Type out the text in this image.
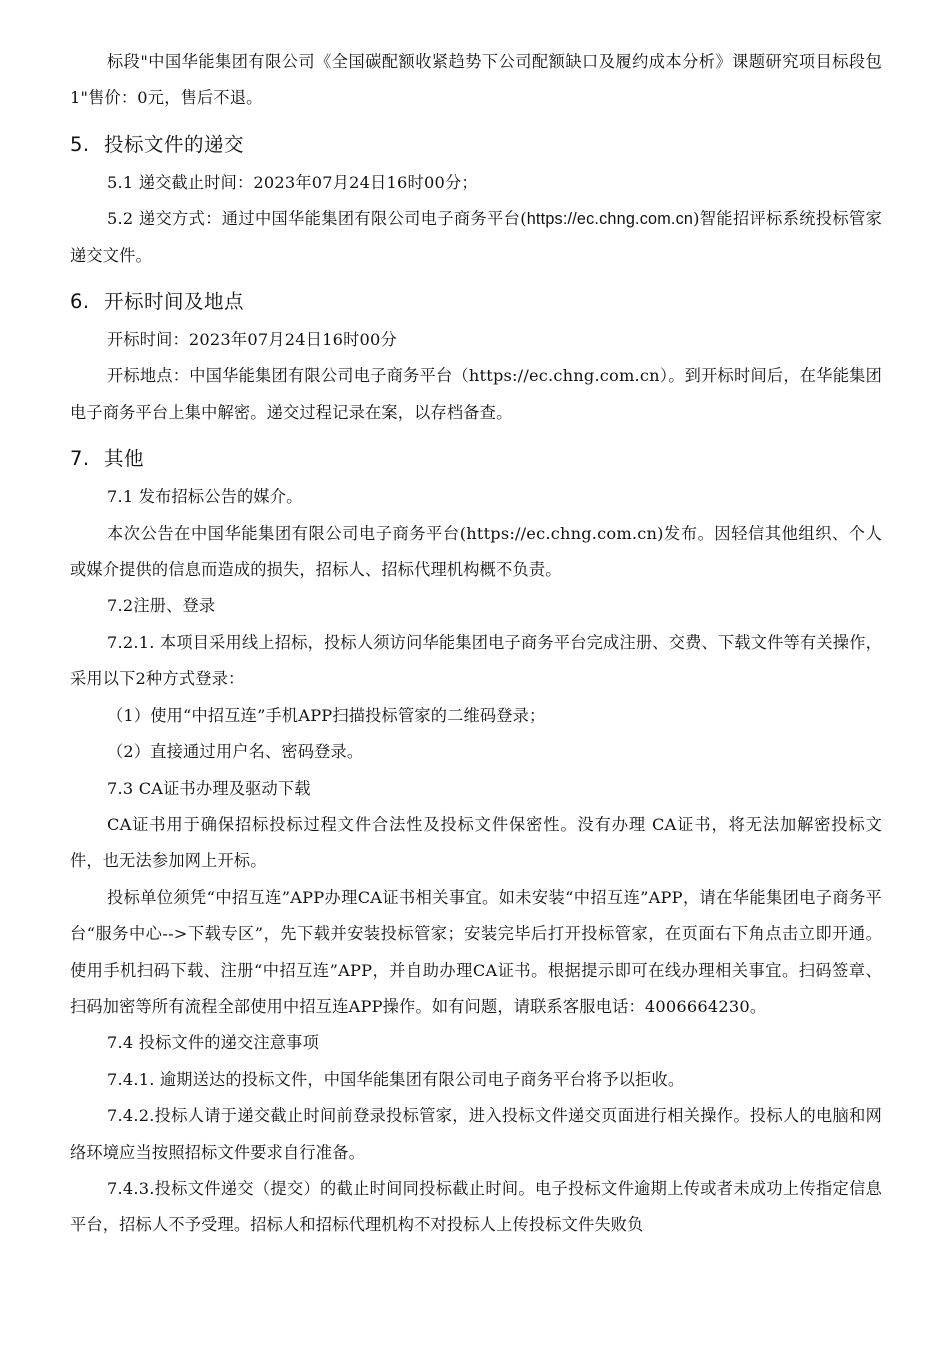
标段"中国华能集团有限公司《全国碳配额收紧趋势下公司配额缺口及履约成本分析》课题研究项目标段包1"售价：0元，售后不退。

5. 投标文件的递交

5.1 递交截止时间：2023年07月24日16时00分；

5.2 递交方式：通过中国华能集团有限公司电子商务平台(https://ec.chng.com.cn)智能招评标系统投标管家递交文件。

6. 开标时间及地点

开标时间：2023年07月24日16时00分

开标地点：中国华能集团有限公司电子商务平台（https://ec.chng.com.cn）。到开标时间后，在华能集团电子商务平台上集中解密。递交过程记录在案，以存档备查。

7. 其他

7.1 发布招标公告的媒介。

本次公告在中国华能集团有限公司电子商务平台(https://ec.chng.com.cn)发布。因轻信其他组织、个人或媒介提供的信息而造成的损失，招标人、招标代理机构概不负责。

7.2注册、登录

7.2.1. 本项目采用线上招标，投标人须访问华能集团电子商务平台完成注册、交费、下载文件等有关操作，采用以下2种方式登录：

（1）使用“中招互连”手机APP扫描投标管家的二维码登录；

（2）直接通过用户名、密码登录。

7.3 CA证书办理及驱动下载

CA证书用于确保招标投标过程文件合法性及投标文件保密性。没有办理 CA证书，将无法加解密投标文件，也无法参加网上开标。

投标单位须凭“中招互连”APP办理CA证书相关事宜。如未安装“中招互连”APP，请在华能集团电子商务平台“服务中心-->下载专区”，先下载并安装投标管家；安装完毕后打开投标管家，在页面右下角点击立即开通。使用手机扫码下载、注册“中招互连”APP，并自助办理CA证书。根据提示即可在线办理相关事宜。扫码签章、扫码加密等所有流程全部使用中招互连APP操作。如有问题，请联系客服电话：4006664230。

7.4 投标文件的递交注意事项

7.4.1. 逾期送达的投标文件，中国华能集团有限公司电子商务平台将予以拒收。

7.4.2.投标人请于递交截止时间前登录投标管家，进入投标文件递交页面进行相关操作。投标人的电脑和网络环境应当按照招标文件要求自行准备。

7.4.3.投标文件递交（提交）的截止时间同投标截止时间。电子投标文件逾期上传或者未成功上传指定信息平台，招标人不予受理。招标人和招标代理机构不对投标人上传投标文件失败负
